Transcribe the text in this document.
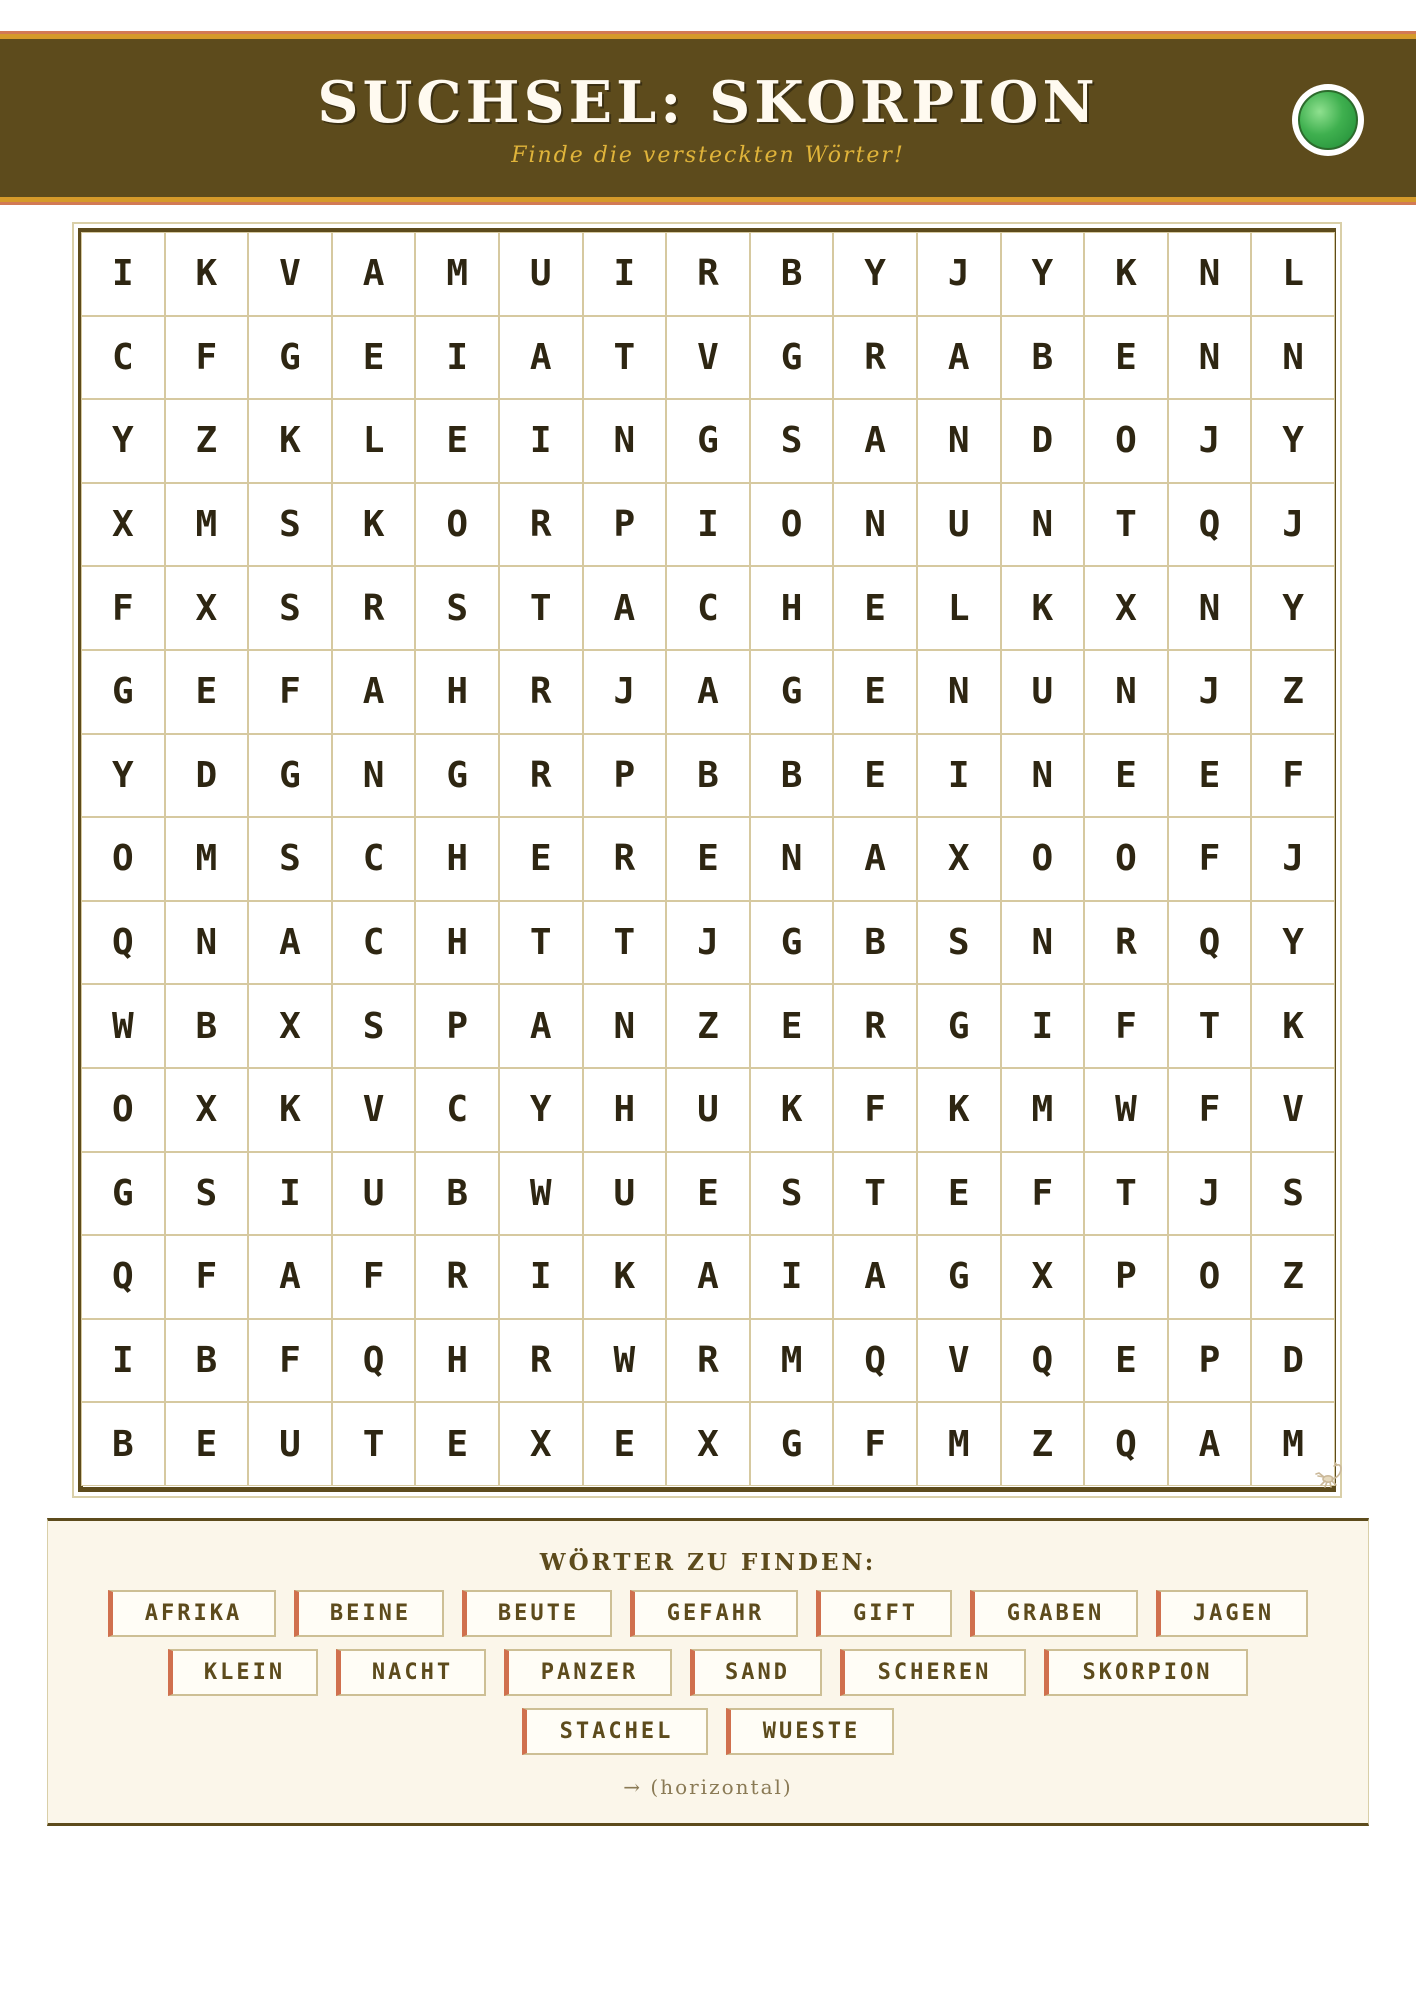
SUCHSEL: SKORPION
Finde die versteckten Wörter!
I	K	V	A	M	U	I	R	B	Y	J	Y	K	N	L
C	F	G	E	I	A	T	V	G	R	A	B	E	N	N
Y	Z	K	L	E	I	N	G	S	A	N	D	O	J	Y
X	M	S	K	O	R	P	I	O	N	U	N	T	Q	J
F	X	S	R	S	T	A	C	H	E	L	K	X	N	Y
G	E	F	A	H	R	J	A	G	E	N	U	N	J	Z
Y	D	G	N	G	R	P	B	B	E	I	N	E	E	F
O	M	S	C	H	E	R	E	N	A	X	O	O	F	J
Q	N	A	C	H	T	T	J	G	B	S	N	R	Q	Y
W	B	X	S	P	A	N	Z	E	R	G	I	F	T	K
O	X	K	V	C	Y	H	U	K	F	K	M	W	F	V
G	S	I	U	B	W	U	E	S	T	E	F	T	J	S
Q	F	A	F	R	I	K	A	I	A	G	X	P	O	Z
I	B	F	Q	H	R	W	R	M	Q	V	Q	E	P	D
B	E	U	T	E	X	E	X	G	F	M	Z	Q	A	M
WÖRTER ZU FINDEN:
AFRIKA	BEINE	BEUTE	GEFAHR	GIFT	GRABEN	JAGEN
KLEIN	NACHT	PANZER	SAND	SCHEREN	SKORPION
STACHEL	WUESTE
→ (horizontal)
